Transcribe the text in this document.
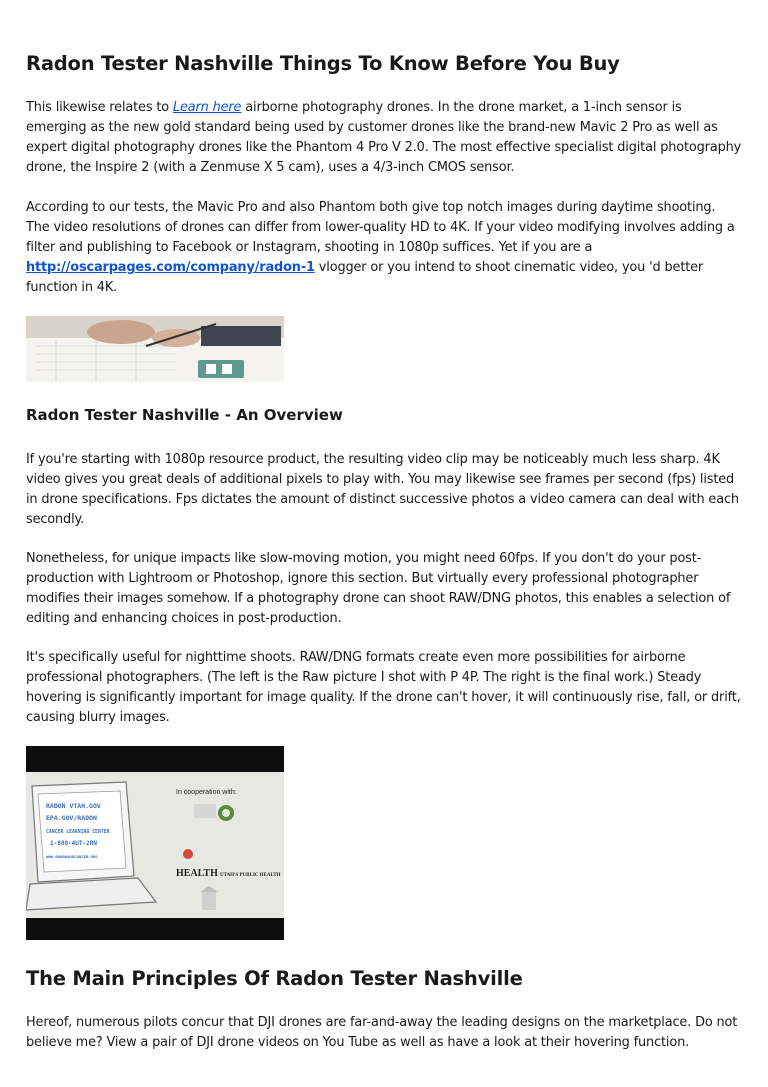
Radon Tester Nashville Things To Know Before You Buy

This likewise relates to Learn here airborne photography drones. In the drone market, a 1-inch sensor is emerging as the new gold standard being used by customer drones like the brand-new Mavic 2 Pro as well as expert digital photography drones like the Phantom 4 Pro V 2.0. The most effective specialist digital photography drone, the Inspire 2 (with a Zenmuse X 5 cam), uses a 4/3-inch CMOS sensor.

According to our tests, the Mavic Pro and also Phantom both give top notch images during daytime shooting. The video resolutions of drones can differ from lower-quality HD to 4K. If your video modifying involves adding a filter and publishing to Facebook or Instagram, shooting in 1080p suffices. Yet if you are a http://oscarpages.com/company/radon-1 vlogger or you intend to shoot cinematic video, you 'd better function in 4K.

Radon Tester Nashville - An Overview

If you're starting with 1080p resource product, the resulting video clip may be noticeably much less sharp. 4K video gives you great deals of additional pixels to play with. You may likewise see frames per second (fps) listed in drone specifications. Fps dictates the amount of distinct successive photos a video camera can deal with each secondly.

Nonetheless, for unique impacts like slow-moving motion, you might need 60fps. If you don't do your post-production with Lightroom or Photoshop, ignore this section. But virtually every professional photographer modifies their images somehow. If a photography drone can shoot RAW/DNG photos, this enables a selection of editing and enhancing choices in post-production.

It's specifically useful for nighttime shoots. RAW/DNG formats create even more possibilities for airborne professional photographers. (The left is the Raw picture I shot with P 4P. The right is the final work.) Steady hovering is significantly important for image quality. If the drone can't hover, it will continuously rise, fall, or drift, causing blurry images.

In cooperation with:
RADON VTAH.GOV
EPA.GOV/RADON
CANCER LEARNING CENTER
1-888-4UT-2RN
WWW.RADONANDCANCER.ORG
HEALTH UTAH'S PUBLIC HEALTH
The Main Principles Of Radon Tester Nashville

Hereof, numerous pilots concur that DJI drones are far-and-away the leading designs on the marketplace. Do not believe me? View a pair of DJI drone videos on You Tube as well as have a look at their hovering function.
